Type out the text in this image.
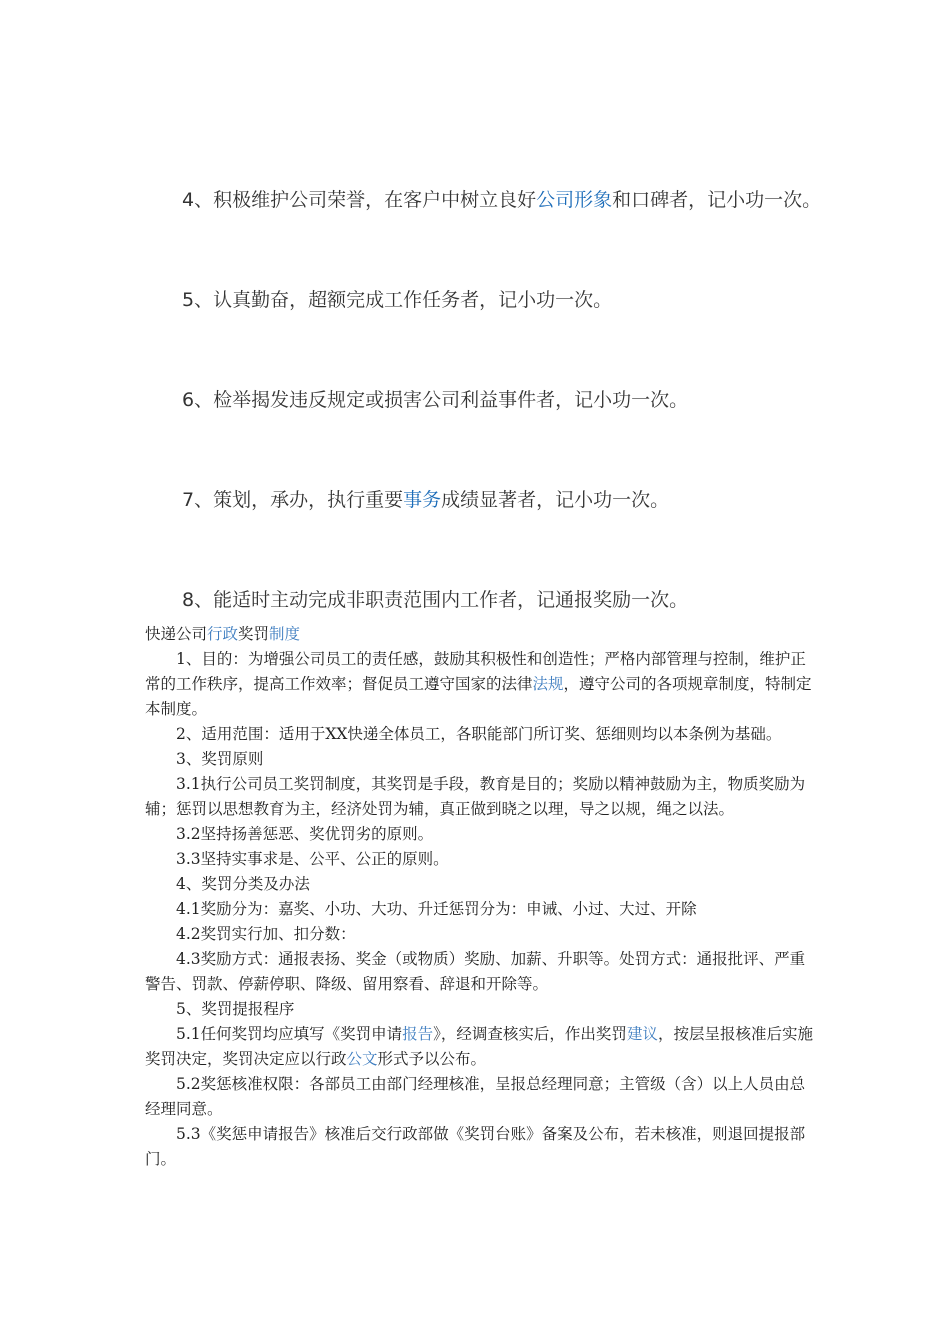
4、积极维护公司荣誉，在客户中树立良好公司形象和口碑者，记小功一次。
5、认真勤奋，超额完成工作任务者，记小功一次。
6、检举揭发违反规定或损害公司利益事件者，记小功一次。
7、策划，承办，执行重要事务成绩显著者，记小功一次。
8、能适时主动完成非职责范围内工作者，记通报奖励一次。

快递公司行政奖罚制度

1、目的：为增强公司员工的责任感，鼓励其积极性和创造性；严格内部管理与控制，维护正常的工作秩序，提高工作效率；督促员工遵守国家的法律法规，遵守公司的各项规章制度，特制定本制度。

2、适用范围：适用于XX快递全体员工，各职能部门所订奖、惩细则均以本条例为基础。

3、奖罚原则

3.1执行公司员工奖罚制度，其奖罚是手段，教育是目的；奖励以精神鼓励为主，物质奖励为辅；惩罚以思想教育为主，经济处罚为辅，真正做到晓之以理，导之以规，绳之以法。

3.2坚持扬善惩恶、奖优罚劣的原则。

3.3坚持实事求是、公平、公正的原则。

4、奖罚分类及办法

4.1奖励分为：嘉奖、小功、大功、升迁惩罚分为：申诫、小过、大过、开除

4.2奖罚实行加、扣分数：

4.3奖励方式：通报表扬、奖金（或物质）奖励、加薪、升职等。处罚方式：通报批评、严重警告、罚款、停薪停职、降级、留用察看、辞退和开除等。

5、奖罚提报程序

5.1任何奖罚均应填写《奖罚申请报告》，经调查核实后，作出奖罚建议，按层呈报核准后实施奖罚决定，奖罚决定应以行政公文形式予以公布。

5.2奖惩核准权限：各部员工由部门经理核准，呈报总经理同意；主管级（含）以上人员由总经理同意。

5.3《奖惩申请报告》核准后交行政部做《奖罚台账》备案及公布，若未核准，则退回提报部门。
